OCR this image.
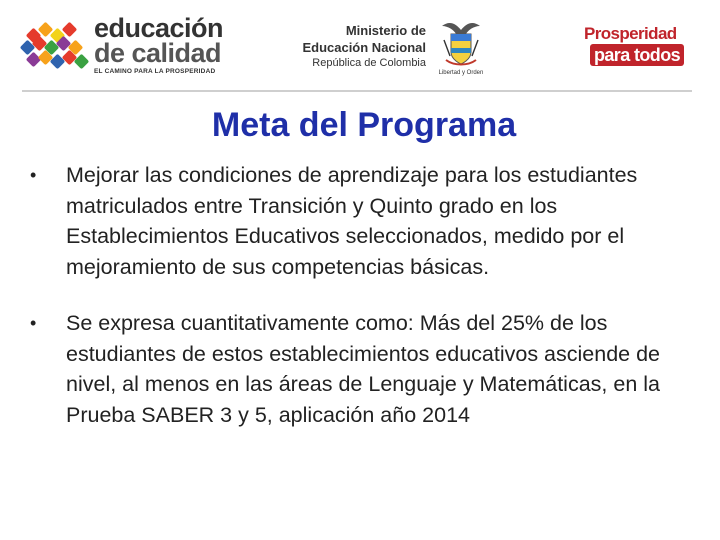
educación
de calidad
EL CAMINO PARA LA PROSPERIDAD
Ministerio de
Educación Nacional
República de Colombia
Libertad y Orden
Prosperidad
para todos
Meta del Programa
•	Mejorar las condiciones de aprendizaje para los estudiantes matriculados entre Transición y Quinto grado en los Establecimientos Educativos seleccionados, medido por el mejoramiento de sus competencias básicas.
•	Se expresa cuantitativamente como: Más del 25% de los estudiantes de estos establecimientos educativos asciende de nivel, al menos en las áreas de Lenguaje y Matemáticas, en la Prueba SABER 3 y 5, aplicación año 2014
